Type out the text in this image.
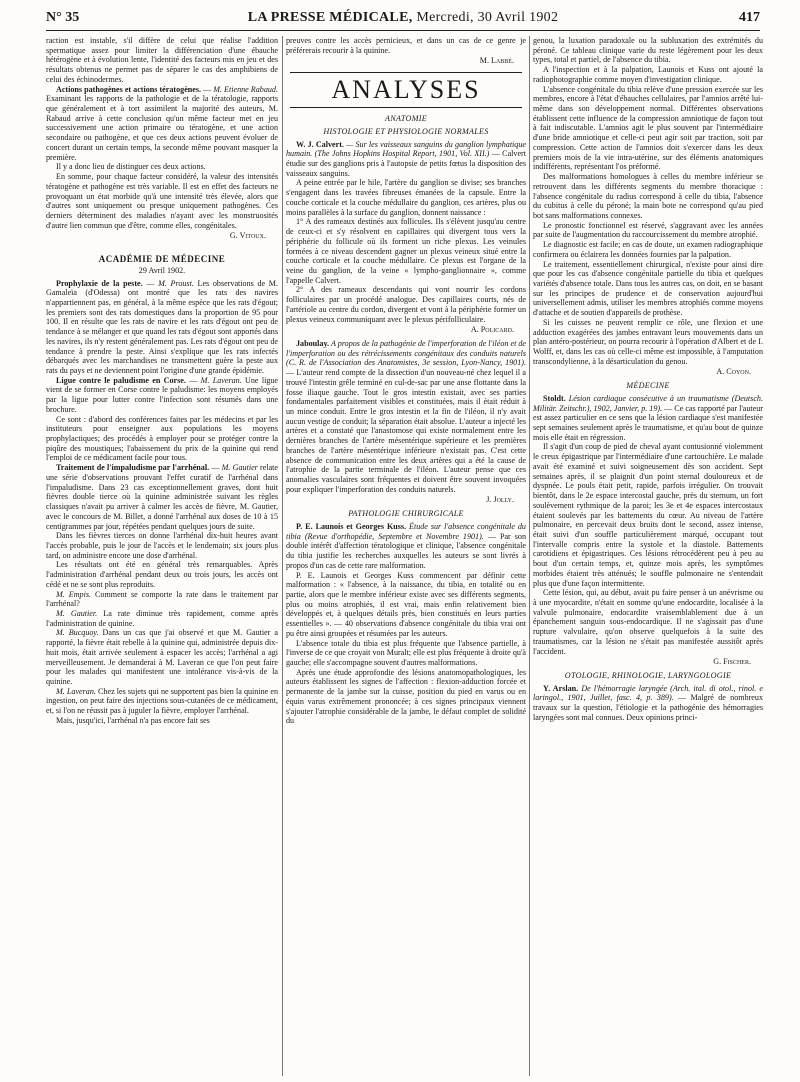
N° 35	LA PRESSE MÉDICALE, Mercredi, 30 Avril 1902	417

raction est instable, s'il diffère de celui que réalise l'addition spermatique assez pour limiter la différenciation d'une ébauche hétérogène et à évolution lente, l'identité des facteurs mis en jeu et des résultats obtenus ne permet pas de séparer le cas des amphibiens de celui des échinodermes.

Actions pathogènes et actions tératogènes. — M. Etienne Rabaud. Examinant les rapports de la pathologie et de la tératologie, rapports que généralement et à tort assimilent la majorité des auteurs, M. Rabaud arrive à cette conclusion qu'un même facteur met en jeu successivement une action primaire ou tératogène, et une action secondaire ou pathogène, et que ces deux actions peuvent évoluer de concert durant un certain temps, la seconde même pouvant masquer la première.

Il y a donc lieu de distinguer ces deux actions.

En somme, pour chaque facteur considéré, la valeur des intensités tératogène et pathogène est très variable. Il est en effet des facteurs ne provoquant un état morbide qu'à une intensité très élevée, alors que d'autres sont uniquement ou presque uniquement pathogènes. Ces derniers déterminent des maladies n'ayant avec les monstruosités d'autre lien commun que d'être, comme elles, congénitales.

G. Vitoux.
ACADÉMIE DE MÉDECINE
29 Avril 1902.

Prophylaxie de la peste. — M. Proust. Les observations de M. Gamaleïa (d'Odessa) ont montré que les rats des navires n'appartiennent pas, en général, à la même espèce que les rats d'égout; les premiers sont des rats domestiques dans la proportion de 95 pour 100. Il en résulte que les rats de navire et les rats d'égout ont peu de tendance à se mélanger et que quand les rats d'égout sont apportés dans les navires, ils n'y restent généralement pas. Les rats d'égout ont peu de tendance à prendre la peste. Ainsi s'explique que les rats infectés débarqués avec les marchandises ne transmettent guère la peste aux rats du pays et ne deviennent point l'origine d'une grande épidémie.

Ligue contre le paludisme en Corse. — M. Laveran. Une ligue vient de se former en Corse contre le paludisme: les moyens employés par la ligue pour lutter contre l'infection sont résumés dans une brochure.

Ce sont : d'abord des conférences faites par les médecins et par les instituteurs pour enseigner aux populations les moyens prophylactiques; des procédés à employer pour se protéger contre la piqûre des moustiques; l'abaissement du prix de la quinine qui rend l'emploi de ce médicament facile pour tous.

Traitement de l'impaludisme par l'arrhénal. — M. Gautier relate une série d'observations prouvant l'effet curatif de l'arrhénal dans l'impaludisme. Dans 23 cas exceptionnellement graves, dont huit fièvres double tierce où la quinine administrée suivant les règles classiques n'avait pu arriver à calmer les accès de fièvre, M. Gautier, avec le concours de M. Billet, a donné l'arrhénal aux doses de 10 à 15 centigrammes par jour, répétées pendant quelques jours de suite.

Dans les fièvres tierces on donne l'arrhénal dix-huit heures avant l'accès probable, puis le jour de l'accès et le lendemain; six jours plus tard, on administre encore une dose d'arrhénal.

Les résultats ont été en général très remarquables. Après l'administration d'arrhénal pendant deux ou trois jours, les accès ont cédé et ne se sont plus reproduits.

M. Empis. Comment se comporte la rate dans le traitement par l'arrhénal?

M. Gautier. La rate diminue très rapidement, comme après l'administration de quinine.

M. Bucquoy. Dans un cas que j'ai observé et que M. Gautier a rapporté, la fièvre était rebelle à la quinine qui, administrée depuis dix-huit mois, était arrivée seulement à espacer les accès; l'arrhénal a agi merveilleusement. Je demanderai à M. Laveran ce que l'on peut faire pour les malades qui manifestent une intolérance vis-à-vis de la quinine.

M. Laveran. Chez les sujets qui ne supportent pas bien la quinine en ingestion, on peut faire des injections sous-cutanées de ce médicament, et, si l'on ne réussit pas à juguler la fièvre, employer l'arrhénal.

Mais, jusqu'ici, l'arrhénal n'a pas encore fait ses

preuves contre les accès pernicieux, et dans un cas de ce genre je préférerais recourir à la quinine.

M. Labbé.
ANALYSES
ANATOMIE
HISTOLOGIE ET PHYSIOLOGIE NORMALES

W. J. Calvert. — Sur les vaisseaux sanguins du ganglion lymphatique humain. (The Johns Hopkins Hospital Report, 1901, Vol. XII.) — Calvert étudie sur des ganglions pris à l'autopsie de petits fœtus la disposition des vaisseaux sanguins.

A peine entrée par le hile, l'artère du ganglion se divise; ses branches s'engagent dans les travées fibreuses émanées de la capsule. Entre la couche corticale et la couche médullaire du ganglion, ces artères, plus ou moins parallèles à la surface du ganglion, donnent naissance :

1° A des rameaux destinés aux follicules. Ils s'élèvent jusqu'au centre de ceux-ci et s'y résolvent en capillaires qui divergent tous vers la périphérie du follicule où ils forment un riche plexus. Les veinules formées à ce niveau descendent gagner un plexus veineux situé entre la couche corticale et la couche médullaire. Ce plexus est l'organe de la veine du ganglion, de la veine « lympho-ganglionnaire », comme l'appelle Calvert.

2° A des rameaux descendants qui vont nourrir les cordons folliculaires par un procédé analogue. Des capillaires courts, nés de l'artériole au centre du cordon, divergent et vont à la périphérie former un plexus veineux communiquant avec le plexus périfolliculaire.

A. Policard.

Jaboulay. A propos de la pathogénie de l'imperforation de l'iléon et de l'imperforation ou des rétrécissements congénitaux des conduits naturels (C. R. de l'Association des Anatomistes, 3e session, Lyon-Nancy, 1901). — L'auteur rend compte de la dissection d'un nouveau-né chez lequel il a trouvé l'intestin grêle terminé en cul-de-sac par une anse flottante dans la fosse iliaque gauche. Tout le gros intestin existait, avec ses parties fondamentales parfaitement visibles et constituées, mais il était réduit à un mince conduit. Entre le gros intestin et la fin de l'iléon, il n'y avait aucun vestige de conduit; la séparation était absolue. L'auteur a injecté les artères et a constaté que l'anastomose qui existe normalement entre les dernières branches de l'artère mésentérique supérieure et les premières branches de l'artère mésentérique inférieure n'existait pas. C'est cette absence de communication entre les deux artères qui a été la cause de l'atrophie de la partie terminale de l'iléon. L'auteur pense que ces anomalies vasculaires sont fréquentes et doivent être souvent invoquées pour expliquer l'imperforation des conduits naturels.

J. Jolly.
PATHOLOGIE CHIRURGICALE

P. E. Launois et Georges Kuss. Étude sur l'absence congénitale du tibia (Revue d'orthopédie, Septembre et Novembre 1901). — Par son double intérêt d'affection tératologique et clinique, l'absence congénitale du tibia justifie les recherches auxquelles les auteurs se sont livrés à propos d'un cas de cette rare malformation.

P. E. Launois et Georges Kuss commencent par définir cette malformation : « l'absence, à la naissance, du tibia, en totalité ou en partie, alors que le membre inférieur existe avec ses différents segments, plus ou moins atrophiés, il est vrai, mais enfin relativement bien développés et, à quelques détails près, bien constitués en leurs parties essentielles ». — 40 observations d'absence congénitale du tibia vrai ont pu être ainsi groupées et résumées par les auteurs.

L'absence totale du tibia est plus fréquente que l'absence partielle, à l'inverse de ce que croyait von Muralt; elle est plus fréquente à droite qu'à gauche; elle s'accompagne souvent d'autres malformations.

Après une étude approfondie des lésions anatomopathologiques, les auteurs établissent les signes de l'affection : flexion-adduction forcée et permanente de la jambe sur la cuisse, position du pied en varus ou en équin varus extrêmement prononcée; à ces signes principaux viennent s'ajouter l'atrophie considérable de la jambe, le défaut complet de solidité du

genou, la luxation paradoxale ou la subluxation des extrémités du péroné. Ce tableau clinique varie du reste légèrement pour les deux types, total et partiel, de l'absence du tibia.

A l'inspection et à la palpation, Launois et Kuss ont ajouté la radiophotographie comme moyen d'investigation clinique.

L'absence congénitale du tibia relève d'une pression exercée sur les membres, encore à l'état d'ébauches cellulaires, par l'amnios arrêté lui-même dans son développement normal. Différentes observations établissent cette influence de la compression amniotique de façon tout à fait indiscutable. L'amnios agit le plus souvent par l'intermédiaire d'une bride amniotique et celle-ci peut agir soit par traction, soit par compression. Cette action de l'amnios doit s'exercer dans les deux premiers mois de la vie intra-utérine, sur des éléments anatomiques indifférents, représentant l'os préformé.

Des malformations homologues à celles du membre inférieur se retrouvent dans les différents segments du membre thoracique : l'absence congénitale du radius correspond à celle du tibia, l'absence du cubitus à celle du péroné; la main bote ne correspond qu'au pied bot sans malformations connexes.

Le pronostic fonctionnel est réservé, s'aggravant avec les années par suite de l'augmentation du raccourcissement du membre atrophié.

Le diagnostic est facile; en cas de doute, un examen radiographique confirmera ou éclairera les données fournies par la palpation.

Le traitement, essentiellement chirurgical, n'existe pour ainsi dire que pour les cas d'absence congénitale partielle du tibia et quelques variétés d'absence totale. Dans tous les autres cas, on doit, en se basant sur les principes de prudence et de conservation aujourd'hui universellement admis, utiliser les membres atrophiés comme moyens d'attache et de soutien d'appareils de prothèse.

Si les cuisses ne peuvent remplir ce rôle, une flexion et une adduction exagérées des jambes entravant leurs mouvements dans un plan antéro-postérieur, on pourra recourir à l'opération d'Albert et de I. Wolff, et, dans les cas où celle-ci même est impossible, à l'amputation transcondylienne, à la désarticulation du genou.

A. Coyon.
MÉDECINE

Stoldt. Lésion cardiaque consécutive à un traumatisme (Deutsch. Militär. Zeitschr.), 1902, Janvier, p. 19). — Ce cas rapporté par l'auteur est assez particulier en ce sens que la lésion cardiaque s'est manifestée sept semaines seulement après le traumatisme, et qu'au bout de quinze mois elle était en régression.

Il s'agit d'un coup de pied de cheval ayant contusionné violemment le creux épigastrique par l'intermédiaire d'une cartouchière. Le malade avait été examiné et suivi soigneusement dès son accident. Sept semaines après, il se plaignit d'un point sternal douloureux et de dyspnée. Le pouls était petit, rapide, parfois irrégulier. On trouvait bientôt, dans le 2e espace intercostal gauche, près du sternum, un fort soulèvement rythmique de la paroi; les 3e et 4e espaces intercostaux étaient soulevés par les battements du cœur. Au niveau de l'artère pulmonaire, en percevait deux bruits dont le second, assez intense, était suivi d'un souffle particulièrement marqué, occupant tout l'intervalle compris entre la systole et la diastole. Battements carotidiens et épigastriques. Ces lésions rétrocédèrent peu à peu au bout d'un certain temps, et, quinze mois après, les symptômes morbides étaient très atténués; le souffle pulmonaire ne s'entendait plus que d'une façon intermittente.

Cette lésion, qui, au début, avait pu faire penser à un anévrisme ou à une myocardite, n'était en somme qu'une endocardite, localisée à la valvule pulmonaire, endocardite vraisemblablement due à un épanchement sanguin sous-endocardique. Il ne s'agissait pas d'une rupture valvulaire, qu'on observe quelquefois à la suite des traumatismes, car la lésion ne s'était pas manifestée aussitôt après l'accident.

G. Fischer.
OTOLOGIE, RHINOLOGIE, LARYNGOLOGIE

Y. Arslan. De l'hémorragie laryngée (Arch. ital. di otol., rinol. e laringol., 1901, Juillet, fasc. 4, p. 389). — Malgré de nombreux travaux sur la question, l'étiologie et la pathogénie des hémorragies laryngées sont mal connues. Deux opinions princi-
